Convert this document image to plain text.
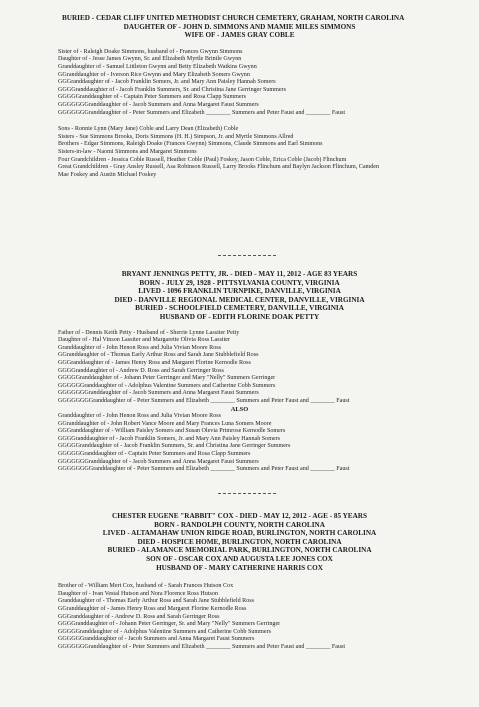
BURIED - CEDAR CLIFF UNITED METHODIST CHURCH CEMETERY, GRAHAM, NORTH CAROLINA
DAUGHTER OF - JOHN D. SIMMONS AND MAMIE MILES SIMMONS
WIFE OF - JAMES GRAY COBLE
Sister of - Raleigh Doake Simmons, husband of - Frances Gwynn Simmons
Daughter of - Jesse James Gwynn, Sr. and Elizabeth Myrtle Brintle Gwynn
Granddaughter of - Samuel Littleton Gwynn and Betty Elizabeth Watkins Gwynn
GGranddaughter of - Iverson Rice Gwynn and Mary Elizabeth Somers Gwynn
GGGranddaughter of - Jacob Franklin Somers, Jr. and Mary Ann Paisley Hannah Somers
GGGGranddaughter of - Jacob Franklin Summers, Sr. and Christina Jane Gerringer Summers
GGGGGranddaughter of - Captain Peter Summers and Rosa Clapp Summers
GGGGGGGranddaughter of - Jacob Summers and Anna Margaret Faust Summers
GGGGGGGranddaughter of - Peter Summers and Elizabeth ________ Summers and Peter Faust and ________ Faust
Sons - Ronnie Lynn (Mary Jane) Coble and Larry Dean (Elizabeth) Coble
Sisters - Sue Simmons Brooks, Doris Simmons (H. H.) Simpson, Jr. and Myrtle Simmons Allred
Brothers - Edgar Simmons, Raleigh Doake (Frances Gwynn) Simmons, Claude Simmons and Earl Simmons
Sisters-in-law - Naomi Simmons and Margaret Simmons
Four Grandchildren - Jessica Coble Russell, Heather Coble (Paul) Foskey, Jason Coble, Erica Coble (Jacob) Flinchum
Great Grandchildren - Gray Ansley Russell, Asa Robinson Russell, Larry Brooks Flinchum and Baylyn Jackson Flinchum, Camden
Mae Foskey and Austin Michael Foskey
BRYANT JENNINGS PETTY, JR. - DIED - MAY 11, 2012 - AGE 83 YEARS
BORN - JULY 29, 1928 - PITTSYLVANIA COUNTY, VIRGINIA
LIVED - 1096 FRANKLIN TURNPIKE, DANVILLE, VIRGINIA
DIED - DANVILLE REGIONAL MEDICAL CENTER, DANVILLE, VIRGINIA
BURIED - SCHOOLFIELD CEMETERY, DANVILLE, VIRGINIA
HUSBAND OF - EDITH FLORINE DOAK PETTY
Father of - Dennis Keith Petty - Husband of - Sherrie Lynne Lassiter Petty
Daughter of - Hal Vinson Lassiter and Margarette Olivia Ross Lassiter
Granddaughter of - John Henon Ross and Julia Vivian Moore Ross
GGranddaughter of - Thomas Early Arthur Ross and Sarah Jane Stubblefield Ross
GGGranddaughter of - James Henry Ross and Margaret Florine Kernodle Ross
GGGGranddaughter of - Andrew D. Ross and Sarah Gerringer Ross
GGGGGranddaughter of - Johann Peter Gerringer and Mary "Nelly" Summers Gerringer
GGGGGGranddaughter of - Adolphus Valentine Summers and Catherine Cobb Summers
GGGGGGGranddaughter of - Jacob Summers and Anna Margaret Faust Summers
GGGGGGGGranddaughter of - Peter Summers and Elizabeth ________ Summers and Peter Faust and ________ Faust
ALSO
Granddaughter of - John Henon Ross and Julia Vivian Moore Ross
GGranddaughter of - John Robert Vance Moore and Mary Frances Luna Somers Moore
GGGranddaughter of - William Paisley Somers and Susan Olevia Primrose Kernodle Somers
GGGGranddaughter of - Jacob Franklin Somers, Jr. and Mary Ann Paisley Hannah Somers
GGGGGranddaughter of - Jacob Franklin Summers, Sr. and Christina Jane Gerringer Summers
GGGGGGranddaughter of - Captain Peter Summers and Rosa Clapp Summers
GGGGGGGranddaughter of - Jacob Summers and Anna Margaret Faust Summers
GGGGGGGGranddaughter of - Peter Summers and Elizabeth ________ Summers and Peter Faust and ________ Faust
CHESTER EUGENE "RABBIT" COX - DIED - MAY 12, 2012 - AGE - 85 YEARS
BORN - RANDOLPH COUNTY, NORTH CAROLINA
LIVED - ALTAMAHAW UNION RIDGE ROAD, BURLINGTON, NORTH CAROLINA
DIED - HOSPICE HOME, BURLINGTON, NORTH CAROLINA
BURIED - ALAMANCE MEMORIAL PARK, BURLINGTON, NORTH CAROLINA
SON OF - OSCAR COX AND AUGUSTA LEE JONES COX
HUSBAND OF - MARY CATHERINE HARRIS COX
Brother of - William Mert Cox, husband of - Sarah Frances Hutson Cox
Daughter of - Ivan Vestal Hutson and Nora Florence Ross Hutson
Granddaughter of - Thomas Early Arthur Ross and Sarah Jane Stubblefield Ross
GGranddaughter of - James Henry Ross and Margaret Florine Kernodle Ross
GGGranddaughter of - Andrew D. Ross and Sarah Gerringer Ross
GGGGranddaughter of - Johann Peter Gerringer, Sr. and Mary "Nelly" Summers Gerringer
GGGGGranddaughter of - Adolphus Valentine Summers and Catherine Cobb Summers
GGGGGGranddaughter of - Jacob Summers and Anna Margaret Faust Summers
GGGGGGGranddaughter of - Peter Summers and Elizabeth ________ Summers and Peter Faust and ________ Faust
